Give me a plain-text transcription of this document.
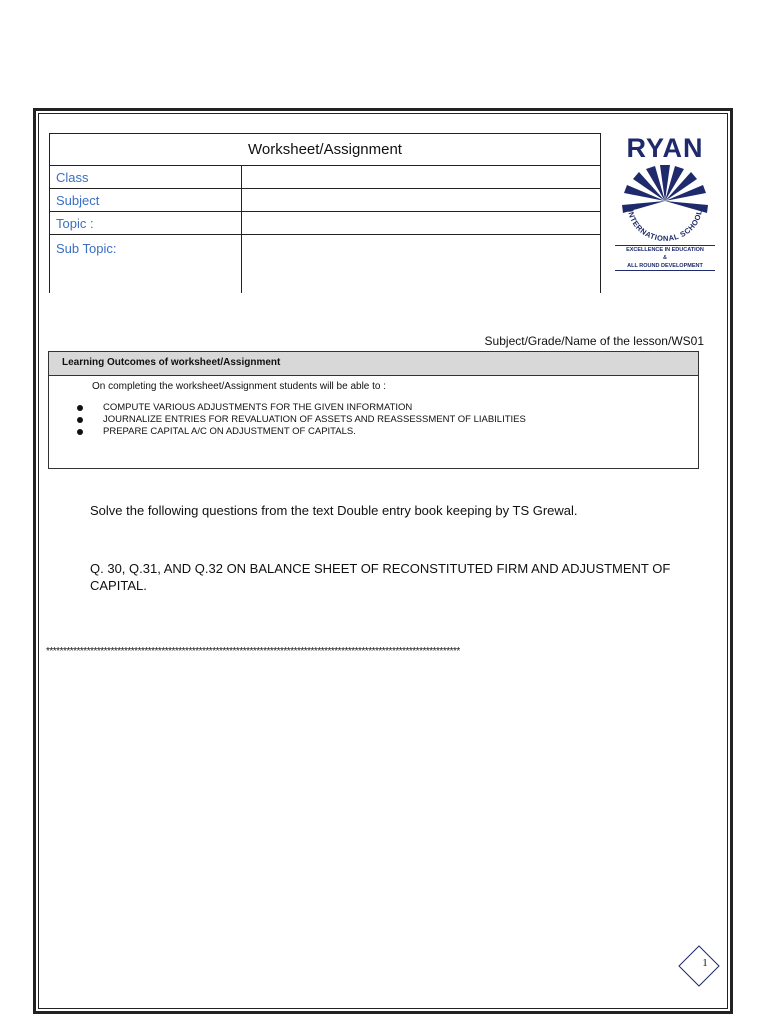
Worksheet/Assignment	
Class	
Subject	
Topic :	
Sub Topic:	

RYAN
INTERNATIONAL SCHOOL
EXCELLENCE IN EDUCATION
&
ALL ROUND DEVELOPMENT
Subject/Grade/Name of the lesson/WS01
Learning Outcomes of worksheet/Assignment
On completing the worksheet/Assignment students will be able to :
COMPUTE VARIOUS ADJUSTMENTS FOR THE GIVEN INFORMATION
JOURNALIZE ENTRIES FOR REVALUATION OF ASSETS AND REASSESSMENT OF LIABILITIES
PREPARE CAPITAL A/C ON ADJUSTMENT OF CAPITALS.
Solve the following questions from the text Double entry book keeping by TS Grewal.
Q. 30, Q.31, AND Q.32 ON BALANCE SHEET OF RECONSTITUTED FIRM AND ADJUSTMENT OF CAPITAL.
**************************************************************************************************************************
1
